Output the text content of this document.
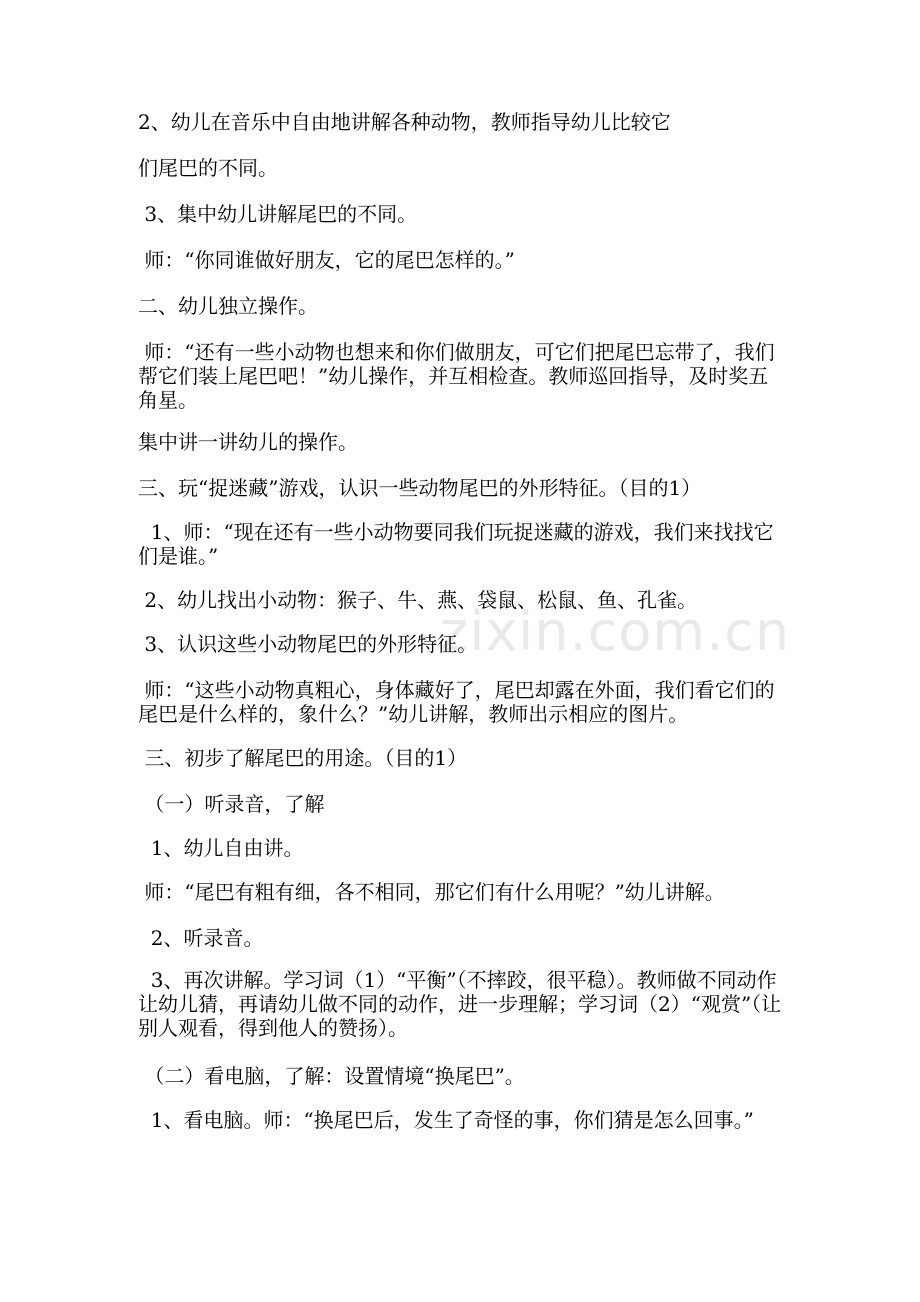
zixin.com.cn

2、幼儿在音乐中自由地讲解各种动物，教师指导幼儿比较它

们尾巴的不同。

3、集中幼儿讲解尾巴的不同。

师：“你同谁做好朋友，它的尾巴怎样的。”

二、幼儿独立操作。

师：“还有一些小动物也想来和你们做朋友，可它们把尾巴忘带了，我们帮它们装上尾巴吧！”幼儿操作，并互相检查。教师巡回指导，及时奖五角星。

集中讲一讲幼儿的操作。

三、玩“捉迷藏”游戏，认识一些动物尾巴的外形特征。（目的1）

1、师：“现在还有一些小动物要同我们玩捉迷藏的游戏，我们来找找它们是谁。”

2、幼儿找出小动物：猴子、牛、燕、袋鼠、松鼠、鱼、孔雀。

3、认识这些小动物尾巴的外形特征。

师：“这些小动物真粗心，身体藏好了，尾巴却露在外面，我们看它们的尾巴是什么样的，象什么？”幼儿讲解，教师出示相应的图片。

三、初步了解尾巴的用途。（目的1）

（一）听录音，了解

1、幼儿自由讲。

师：“尾巴有粗有细，各不相同，那它们有什么用呢？”幼儿讲解。

2、听录音。

3、再次讲解。学习词（1）“平衡”（不摔跤，很平稳）。教师做不同动作让幼儿猜，再请幼儿做不同的动作，进一步理解；学习词（2）“观赏”（让别人观看，得到他人的赞扬）。

（二）看电脑，了解：设置情境“换尾巴”。

1、看电脑。师：“换尾巴后，发生了奇怪的事，你们猜是怎么回事。”
